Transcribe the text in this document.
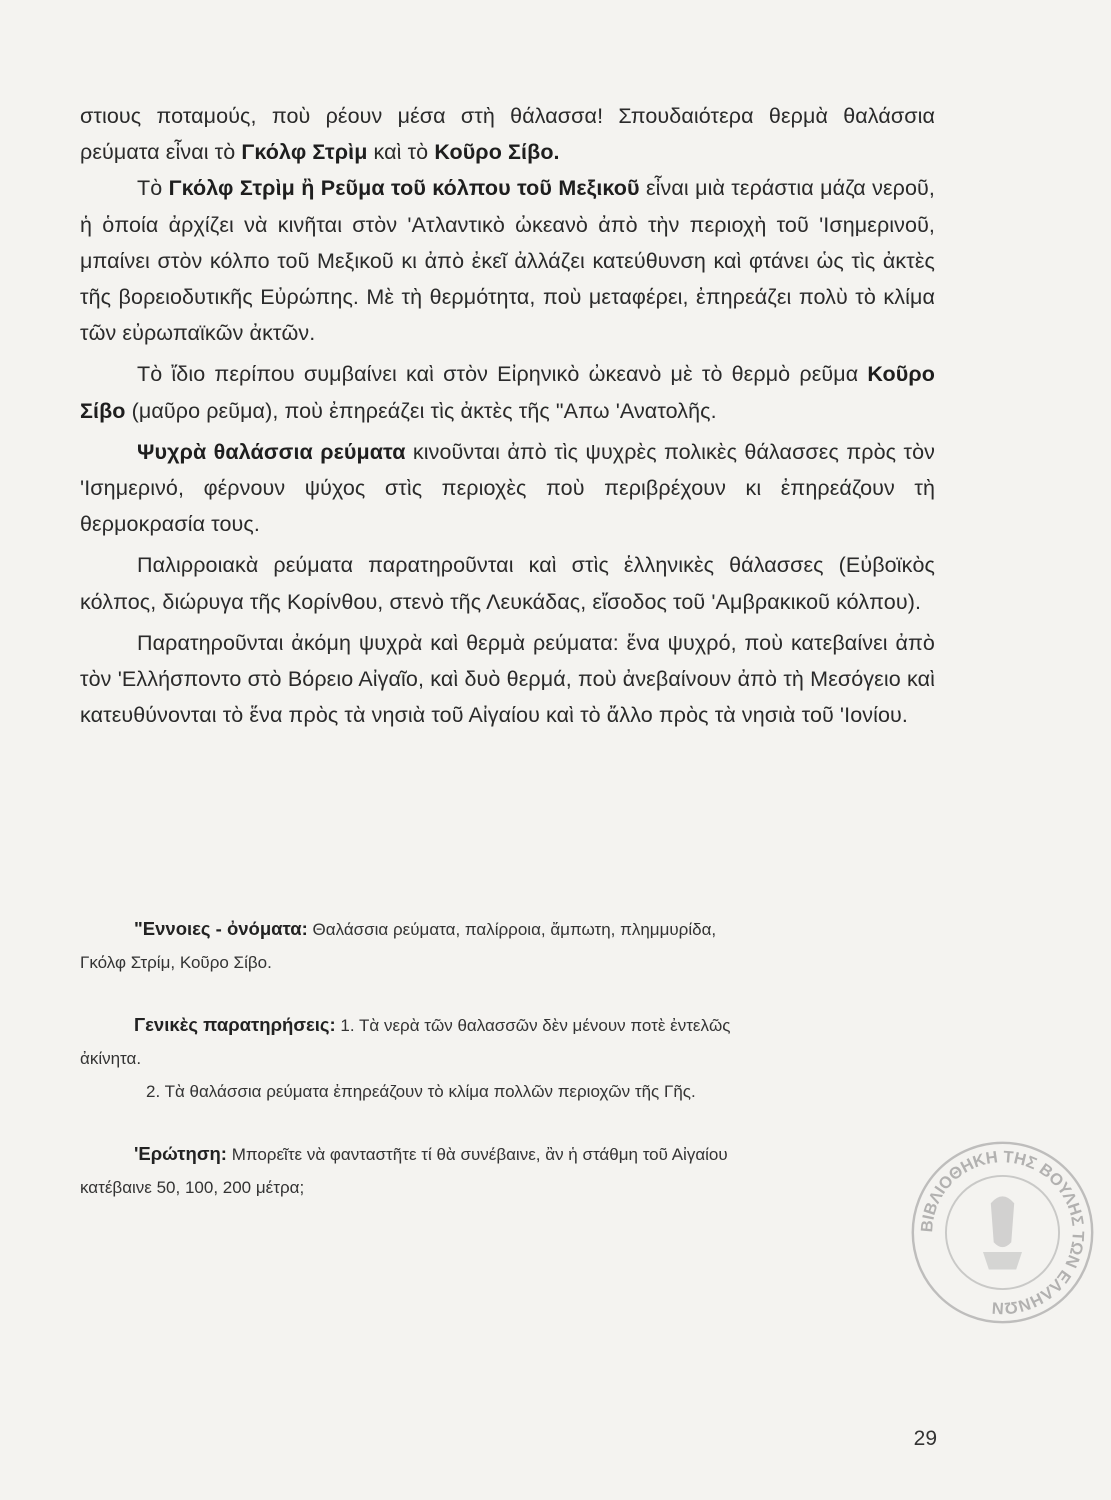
στιους ποταμούς, ποὺ ρέουν μέσα στὴ θάλασσα! Σπουδαιότερα θερμὰ θαλάσσια ρεύματα εἶναι τὸ Γκόλφ Στρὶμ καὶ τὸ Κοῦρο Σίβο.

Τὸ Γκόλφ Στρὶμ ἢ Ρεῦμα τοῦ κόλπου τοῦ Μεξικοῦ εἶναι μιὰ τεράστια μάζα νεροῦ, ἡ ὁποία ἀρχίζει νὰ κινῆται στὸν 'Ατλαντικὸ ὠκεανὸ ἀπὸ τὴν περιοχὴ τοῦ 'Ισημερινοῦ, μπαίνει στὸν κόλπο τοῦ Μεξικοῦ κι ἀπὸ ἐκεῖ ἀλλάζει κατεύθυνση καὶ φτάνει ὡς τὶς ἀκτὲς τῆς βορειοδυτικῆς Εὐρώπης. Μὲ τὴ θερμότητα, ποὺ μεταφέρει, ἐπηρεάζει πολὺ τὸ κλίμα τῶν εὐρωπαϊκῶν ἀκτῶν.

Τὸ ἴδιο περίπου συμβαίνει καὶ στὸν Εἰρηνικὸ ὠκεανὸ μὲ τὸ θερμὸ ρεῦμα Κοῦρο Σίβο (μαῦρο ρεῦμα), ποὺ ἐπηρεάζει τὶς ἀκτὲς τῆς "Απω 'Ανατολῆς.

Ψυχρὰ θαλάσσια ρεύματα κινοῦνται ἀπὸ τὶς ψυχρὲς πολικὲς θάλασσες πρὸς τὸν 'Ισημερινό, φέρνουν ψύχος στὶς περιοχὲς ποὺ περιβρέχουν κι ἐπηρεάζουν τὴ θερμοκρασία τους.

Παλιρροιακὰ ρεύματα παρατηροῦνται καὶ στὶς ἑλληνικὲς θάλασσες (Εὐβοϊκὸς κόλπος, διώρυγα τῆς Κορίνθου, στενὸ τῆς Λευκάδας, εἴσοδος τοῦ 'Αμβρακικοῦ κόλπου).

Παρατηροῦνται ἀκόμη ψυχρὰ καὶ θερμὰ ρεύματα: ἕνα ψυχρό, ποὺ κατεβαίνει ἀπὸ τὸν 'Ελλήσποντο στὸ Βόρειο Αἰγαῖο, καὶ δυὸ θερμά, ποὺ ἀνεβαίνουν ἀπὸ τὴ Μεσόγειο καὶ κατευθύνονται τὸ ἕνα πρὸς τὰ νησιὰ τοῦ Αἰγαίου καὶ τὸ ἄλλο πρὸς τὰ νησιὰ τοῦ 'Ιονίου.

"Εννοιες - ὀνόματα: Θαλάσσια ρεύματα, παλίρροια, ἄμπωτη, πλημμυρίδα,

Γκόλφ Στρίμ, Κοῦρο Σίβο.

Γενικὲς παρατηρήσεις: 1. Τὰ νερὰ τῶν θαλασσῶν δὲν μένουν ποτὲ ἐντελῶς

ἀκίνητα.

2. Τὰ θαλάσσια ρεύματα ἐπηρεάζουν τὸ κλίμα πολλῶν περιοχῶν τῆς Γῆς.

'Ερώτηση: Μπορεῖτε νὰ φανταστῆτε τί θὰ συνέβαινε, ἂν ἡ στάθμη τοῦ Αἰγαίου

κατέβαινε 50, 100, 200 μέτρα;

ΒΙΒΛΙΟΘΗΚΗ ΤΗΣ ΒΟΥΛΗΣ ΤΩΝ ΕΛΛΗΝΩΝ
29
